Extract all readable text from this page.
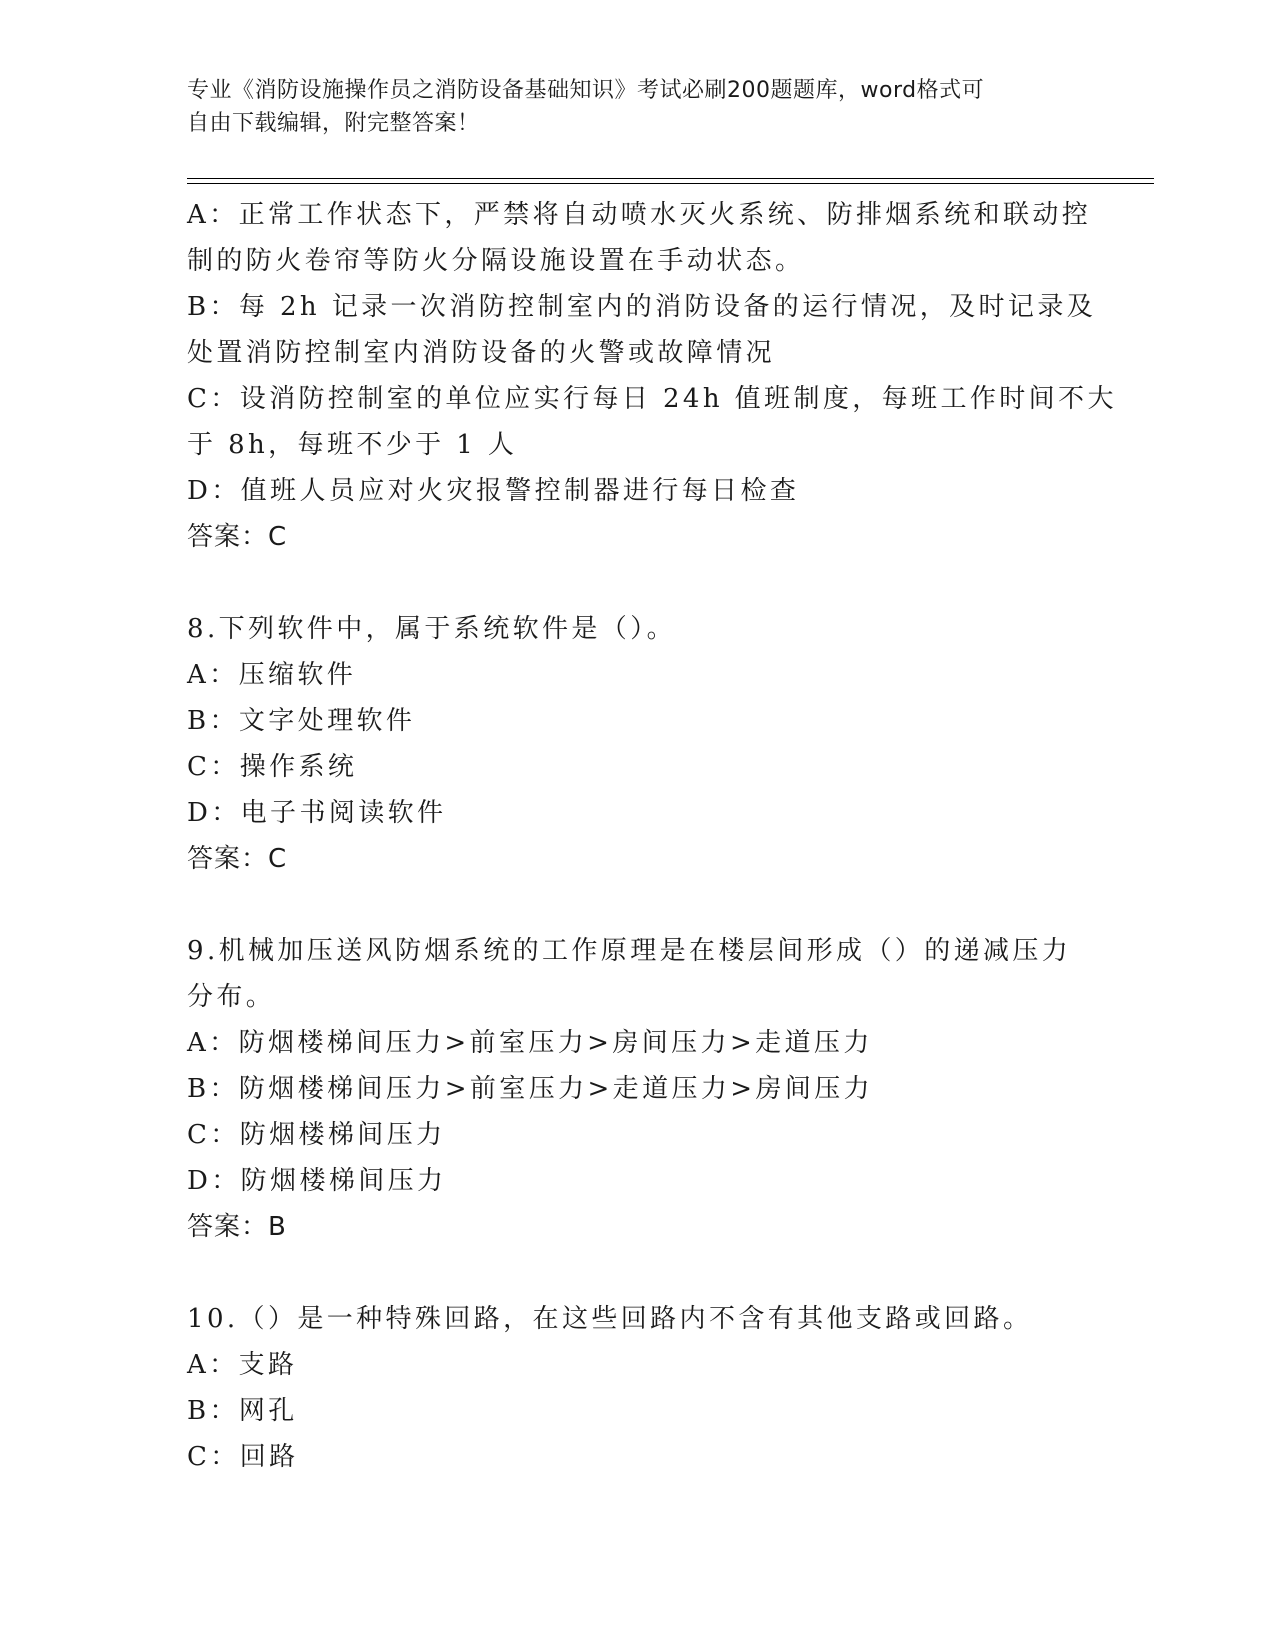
专业《消防设施操作员之消防设备基础知识》考试必刷200题题库，word格式可
自由下载编辑，附完整答案！
A：正常工作状态下，严禁将自动喷水灭火系统、防排烟系统和联动控
制的防火卷帘等防火分隔设施设置在手动状态。
B：每 2h 记录一次消防控制室内的消防设备的运行情况，及时记录及
处置消防控制室内消防设备的火警或故障情况
C：设消防控制室的单位应实行每日 24h 值班制度，每班工作时间不大
于 8h，每班不少于 1 人
D：值班人员应对火灾报警控制器进行每日检查
答案：C
8.下列软件中，属于系统软件是（）。
A：压缩软件
B：文字处理软件
C：操作系统
D：电子书阅读软件
答案：C
9.机械加压送风防烟系统的工作原理是在楼层间形成（）的递减压力
分布。
A：防烟楼梯间压力>前室压力>房间压力>走道压力
B：防烟楼梯间压力>前室压力>走道压力>房间压力
C：防烟楼梯间压力
D：防烟楼梯间压力
答案：B
10.（）是一种特殊回路，在这些回路内不含有其他支路或回路。
A：支路
B：网孔
C：回路
